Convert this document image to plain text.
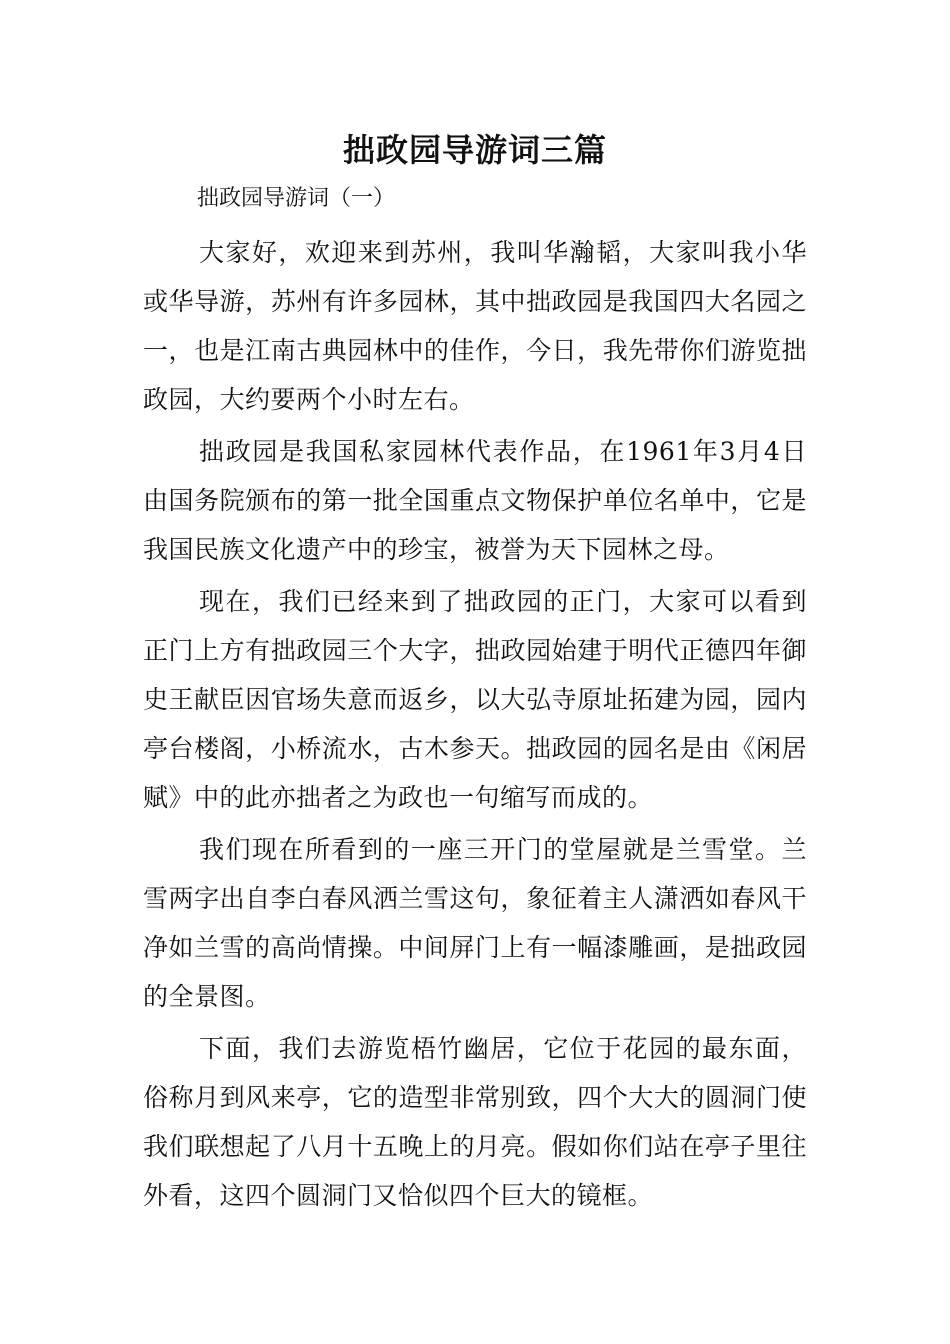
拙政园导游词三篇

拙政园导游词（一）

大家好，欢迎来到苏州，我叫华瀚韬，大家叫我小华或华导游，苏州有许多园林，其中拙政园是我国四大名园之一，也是江南古典园林中的佳作，今日，我先带你们游览拙政园，大约要两个小时左右。

拙政园是我国私家园林代表作品，在1961年3月4日由国务院颁布的第一批全国重点文物保护单位名单中，它是我国民族文化遗产中的珍宝，被誉为天下园林之母。

现在，我们已经来到了拙政园的正门，大家可以看到正门上方有拙政园三个大字，拙政园始建于明代正德四年御史王献臣因官场失意而返乡，以大弘寺原址拓建为园，园内亭台楼阁，小桥流水，古木参天。拙政园的园名是由《闲居赋》中的此亦拙者之为政也一句缩写而成的。

我们现在所看到的一座三开门的堂屋就是兰雪堂。兰雪两字出自李白春风洒兰雪这句，象征着主人潇洒如春风干净如兰雪的高尚情操。中间屏门上有一幅漆雕画，是拙政园的全景图。

下面，我们去游览梧竹幽居，它位于花园的最东面，俗称月到风来亭，它的造型非常别致，四个大大的圆洞门使我们联想起了八月十五晚上的月亮。假如你们站在亭子里往外看，这四个圆洞门又恰似四个巨大的镜框。
